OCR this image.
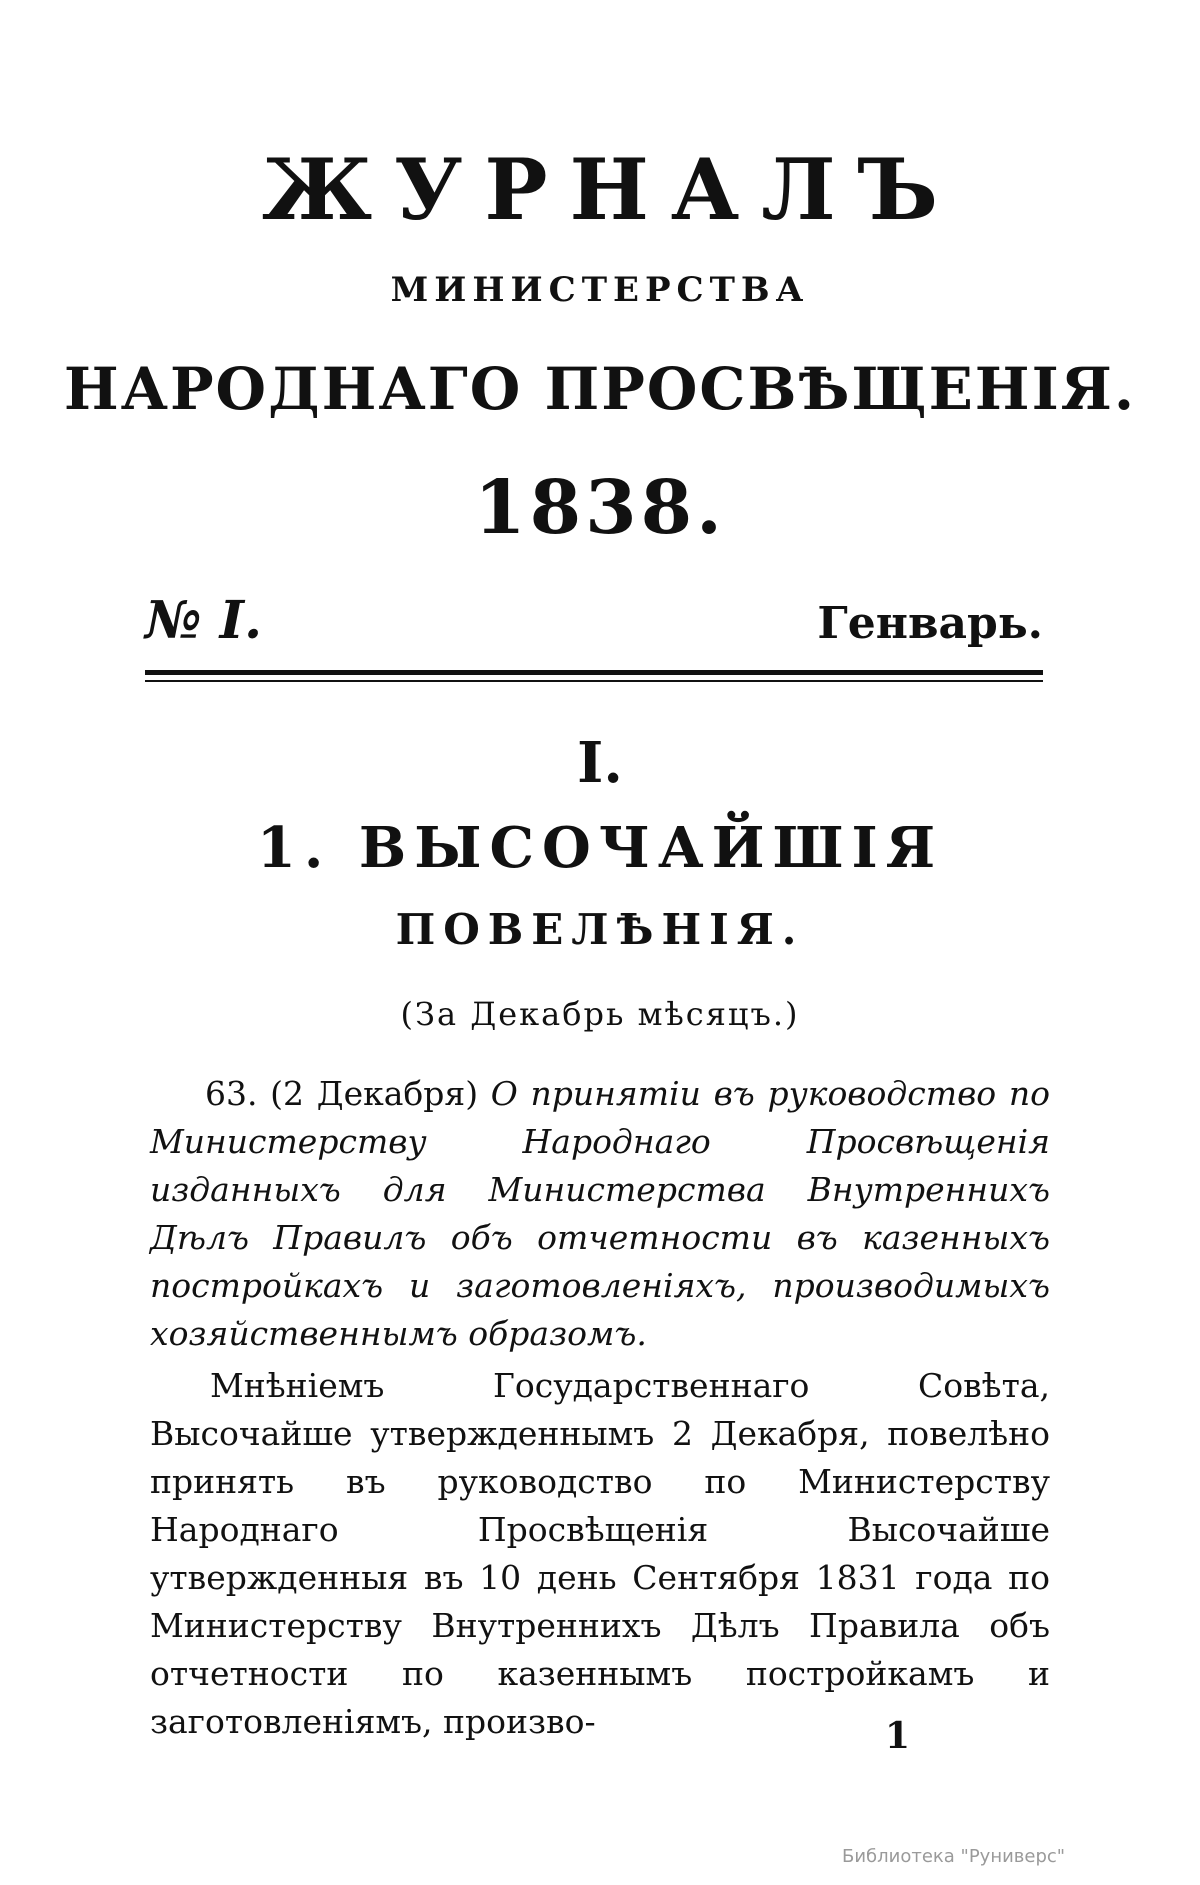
ЖУРНАЛЪ
МИНИСТЕРСТВА
НАРОДНАГО ПРОСВѢЩЕНІЯ.
1838.
№ I.	Генварь.
I.
1. ВЫСОЧАЙШІЯ
ПОВЕЛѢНІЯ.
(За Декабрь мѣсяцъ.)

63. (2 Декабря) О принятіи въ руководство по Министерству Народнаго Просвѣщенія изданныхъ для Министерства Внутреннихъ Дѣлъ Правилъ объ отчетности въ казенныхъ постройкахъ и заготовленіяхъ, производимыхъ хозяйственнымъ образомъ.

Мнѣніемъ Государственнаго Совѣта, Высочайше утвержденнымъ 2 Декабря, повелѣно принять въ руководство по Министерству Народнаго Просвѣщенія Высочайше утвержденныя въ 10 день Сентября 1831 года по Министерству Внутреннихъ Дѣлъ Правила объ отчетности по казеннымъ постройкамъ и заготовленіямъ, произво-	1
Библиотека "Руниверс"
